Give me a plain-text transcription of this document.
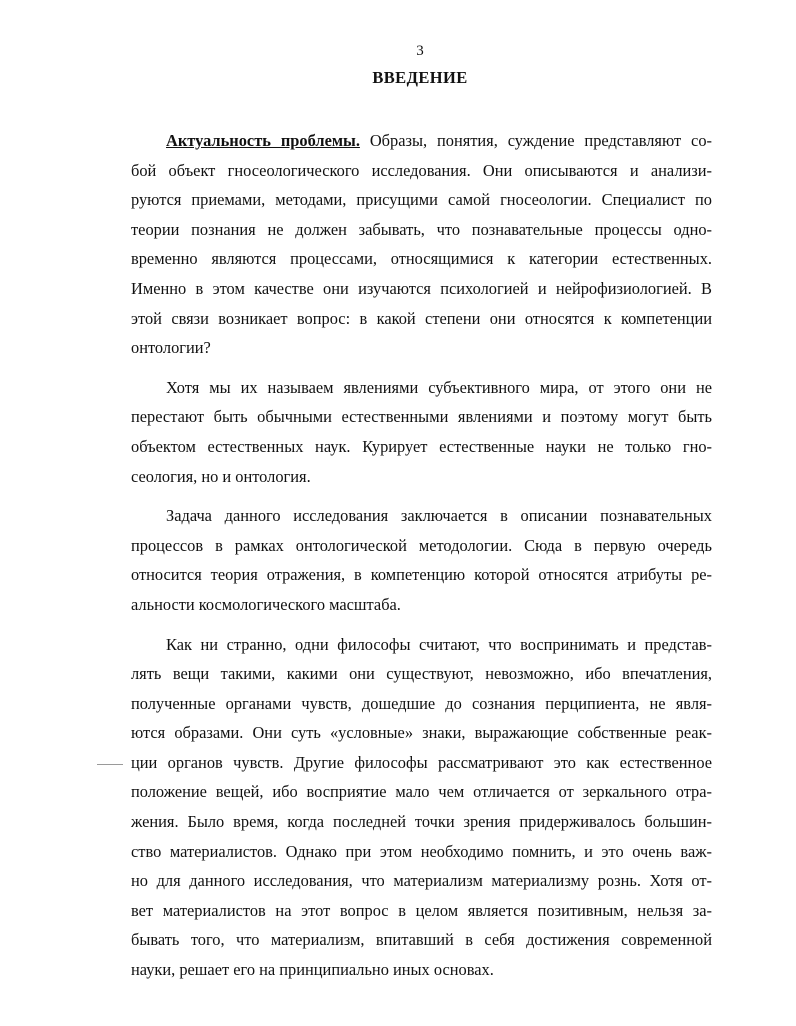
3
ВВЕДЕНИЕ
Актуальность проблемы. Образы, понятия, суждение представляют со-
бой объект гносеологического исследования. Они описываются и анализи-
руются приемами, методами, присущими самой гносеологии. Специалист по
теории познания не должен забывать, что познавательные процессы одно-
временно являются процессами, относящимися к категории естественных.
Именно в этом качестве они изучаются психологией и нейрофизиологией. В
этой связи возникает вопрос: в какой степени они относятся к компетенции
онтологии?
Хотя мы их называем явлениями субъективного мира, от этого они не
перестают быть обычными естественными явлениями и поэтому могут быть
объектом естественных наук. Курирует естественные науки не только гно-
сеология, но и онтология.
Задача данного исследования заключается в описании познавательных
процессов в рамках онтологической методологии. Сюда в первую очередь
относится теория отражения, в компетенцию которой относятся атрибуты ре-
альности космологического масштаба.
Как ни странно, одни философы считают, что воспринимать и представ-
лять вещи такими, какими они существуют, невозможно, ибо впечатления,
полученные органами чувств, дошедшие до сознания перципиента, не явля-
ются образами. Они суть «условные» знаки, выражающие собственные реак-
ции органов чувств. Другие философы рассматривают это как естественное
положение вещей, ибо восприятие мало чем отличается от зеркального отра-
жения. Было время, когда последней точки зрения придерживалось большин-
ство материалистов. Однако при этом необходимо помнить, и это очень важ-
но для данного исследования, что материализм материализму рознь. Хотя от-
вет материалистов на этот вопрос в целом является позитивным, нельзя за-
бывать того, что материализм, впитавший в себя достижения современной
науки, решает его на принципиально иных основах.
